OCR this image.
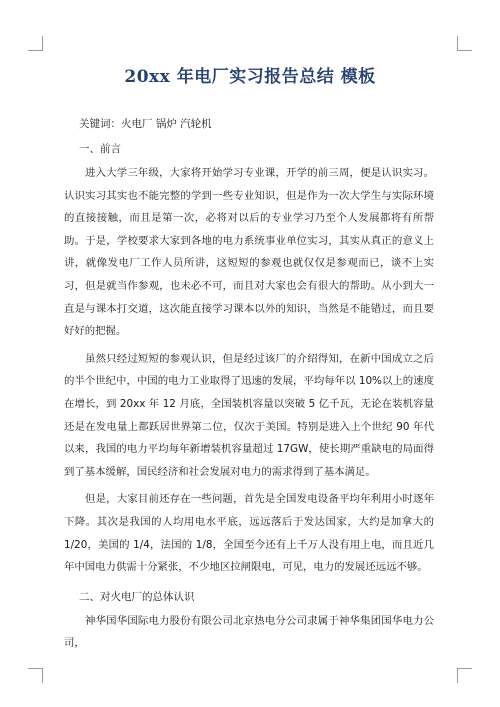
20xx 年电厂实习报告总结 模板
关键词：火电厂 锅炉 汽轮机
一、前言

进入大学三年级，大家将开始学习专业课，开学的前三周，便是认识实习。认识实习其实也不能完整的学到一些专业知识，但是作为一次大学生与实际环境的直接接触，而且是第一次，必将对以后的专业学习乃至个人发展都将有所帮助。于是，学校要求大家到各地的电力系统事业单位实习，其实从真正的意义上讲，就像发电厂工作人员所讲，这短短的参观也就仅仅是参观而已，谈不上实习，但是就当作参观，也未必不可，而且对大家也会有很大的帮助。从小到大一直是与课本打交道，这次能直接学习课本以外的知识，当然是不能错过，而且要好好的把握。

虽然只经过短短的参观认识，但是经过该厂的介绍得知，在新中国成立之后的半个世纪中，中国的电力工业取得了迅速的发展，平均每年以 10%以上的速度在增长，到 20xx 年 12 月底，全国装机容量以突破 5 亿千瓦，无论在装机容量还是在发电量上都跃居世界第二位，仅次于美国。特别是进入上个世纪 90 年代以来，我国的电力平均每年新增装机容量超过 17GW，使长期严重缺电的局面得到了基本缓解，国民经济和社会发展对电力的需求得到了基本满足。

但是，大家目前还存在一些问题，首先是全国发电设备平均年利用小时逐年下降。其次是我国的人均用电水平底，远远落后于发达国家，大约是加拿大的 1/20，美国的 1/4，法国的 1/8，全国至今还有上千万人没有用上电，而且近几年中国电力供需十分紧张，不少地区拉闸限电，可见，电力的发展还远远不够。

二、对火电厂的总体认识

神华国华国际电力股份有限公司北京热电分公司隶属于神华集团国华电力公司，
